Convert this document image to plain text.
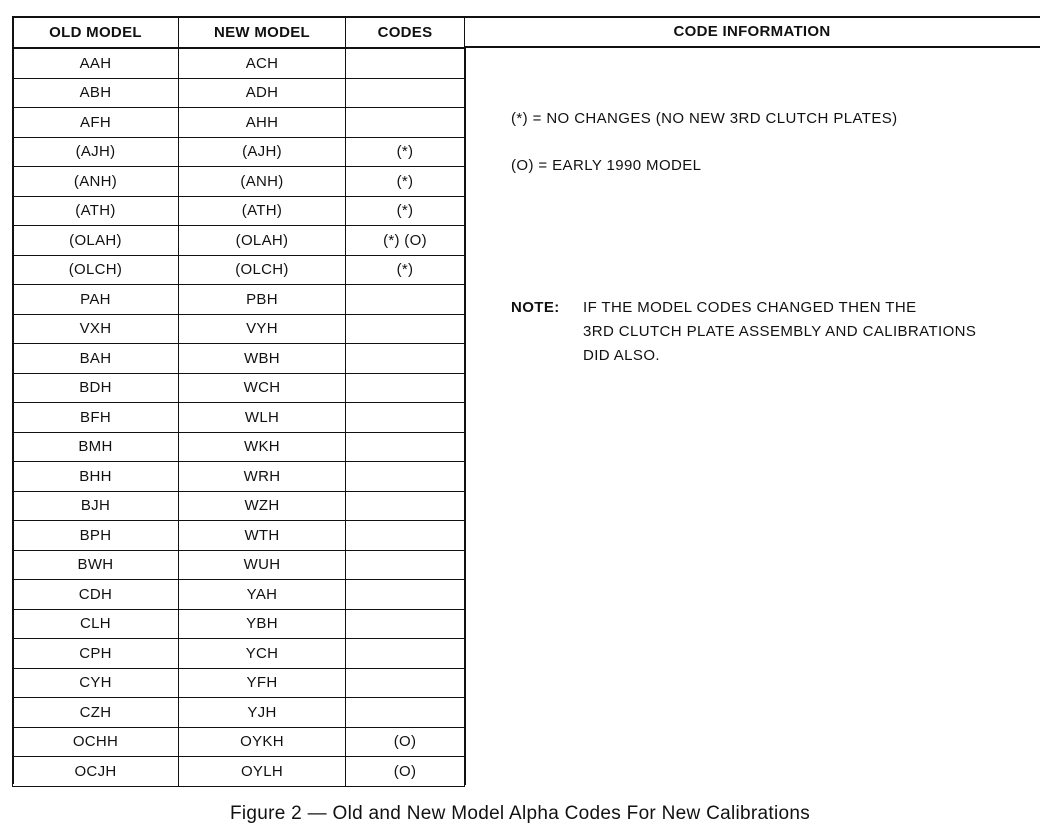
OLD MODEL	NEW MODEL	CODES
AAH	ACH	
ABH	ADH	
AFH	AHH	
(AJH)	(AJH)	(*)
(ANH)	(ANH)	(*)
(ATH)	(ATH)	(*)
(OLAH)	(OLAH)	(*) (O)
(OLCH)	(OLCH)	(*)
PAH	PBH	
VXH	VYH	
BAH	WBH	
BDH	WCH	
BFH	WLH	
BMH	WKH	
BHH	WRH	
BJH	WZH	
BPH	WTH	
BWH	WUH	
CDH	YAH	
CLH	YBH	
CPH	YCH	
CYH	YFH	
CZH	YJH	
OCHH	OYKH	(O)
OCJH	OYLH	(O)
CODE INFORMATION
(*) = NO CHANGES (NO NEW 3RD CLUTCH PLATES)
(O) = EARLY 1990 MODEL
NOTE: IF THE MODEL CODES CHANGED THEN THE
3RD CLUTCH PLATE ASSEMBLY AND CALIBRATIONS
DID ALSO.
Figure 2 — Old and New Model Alpha Codes For New Calibrations
